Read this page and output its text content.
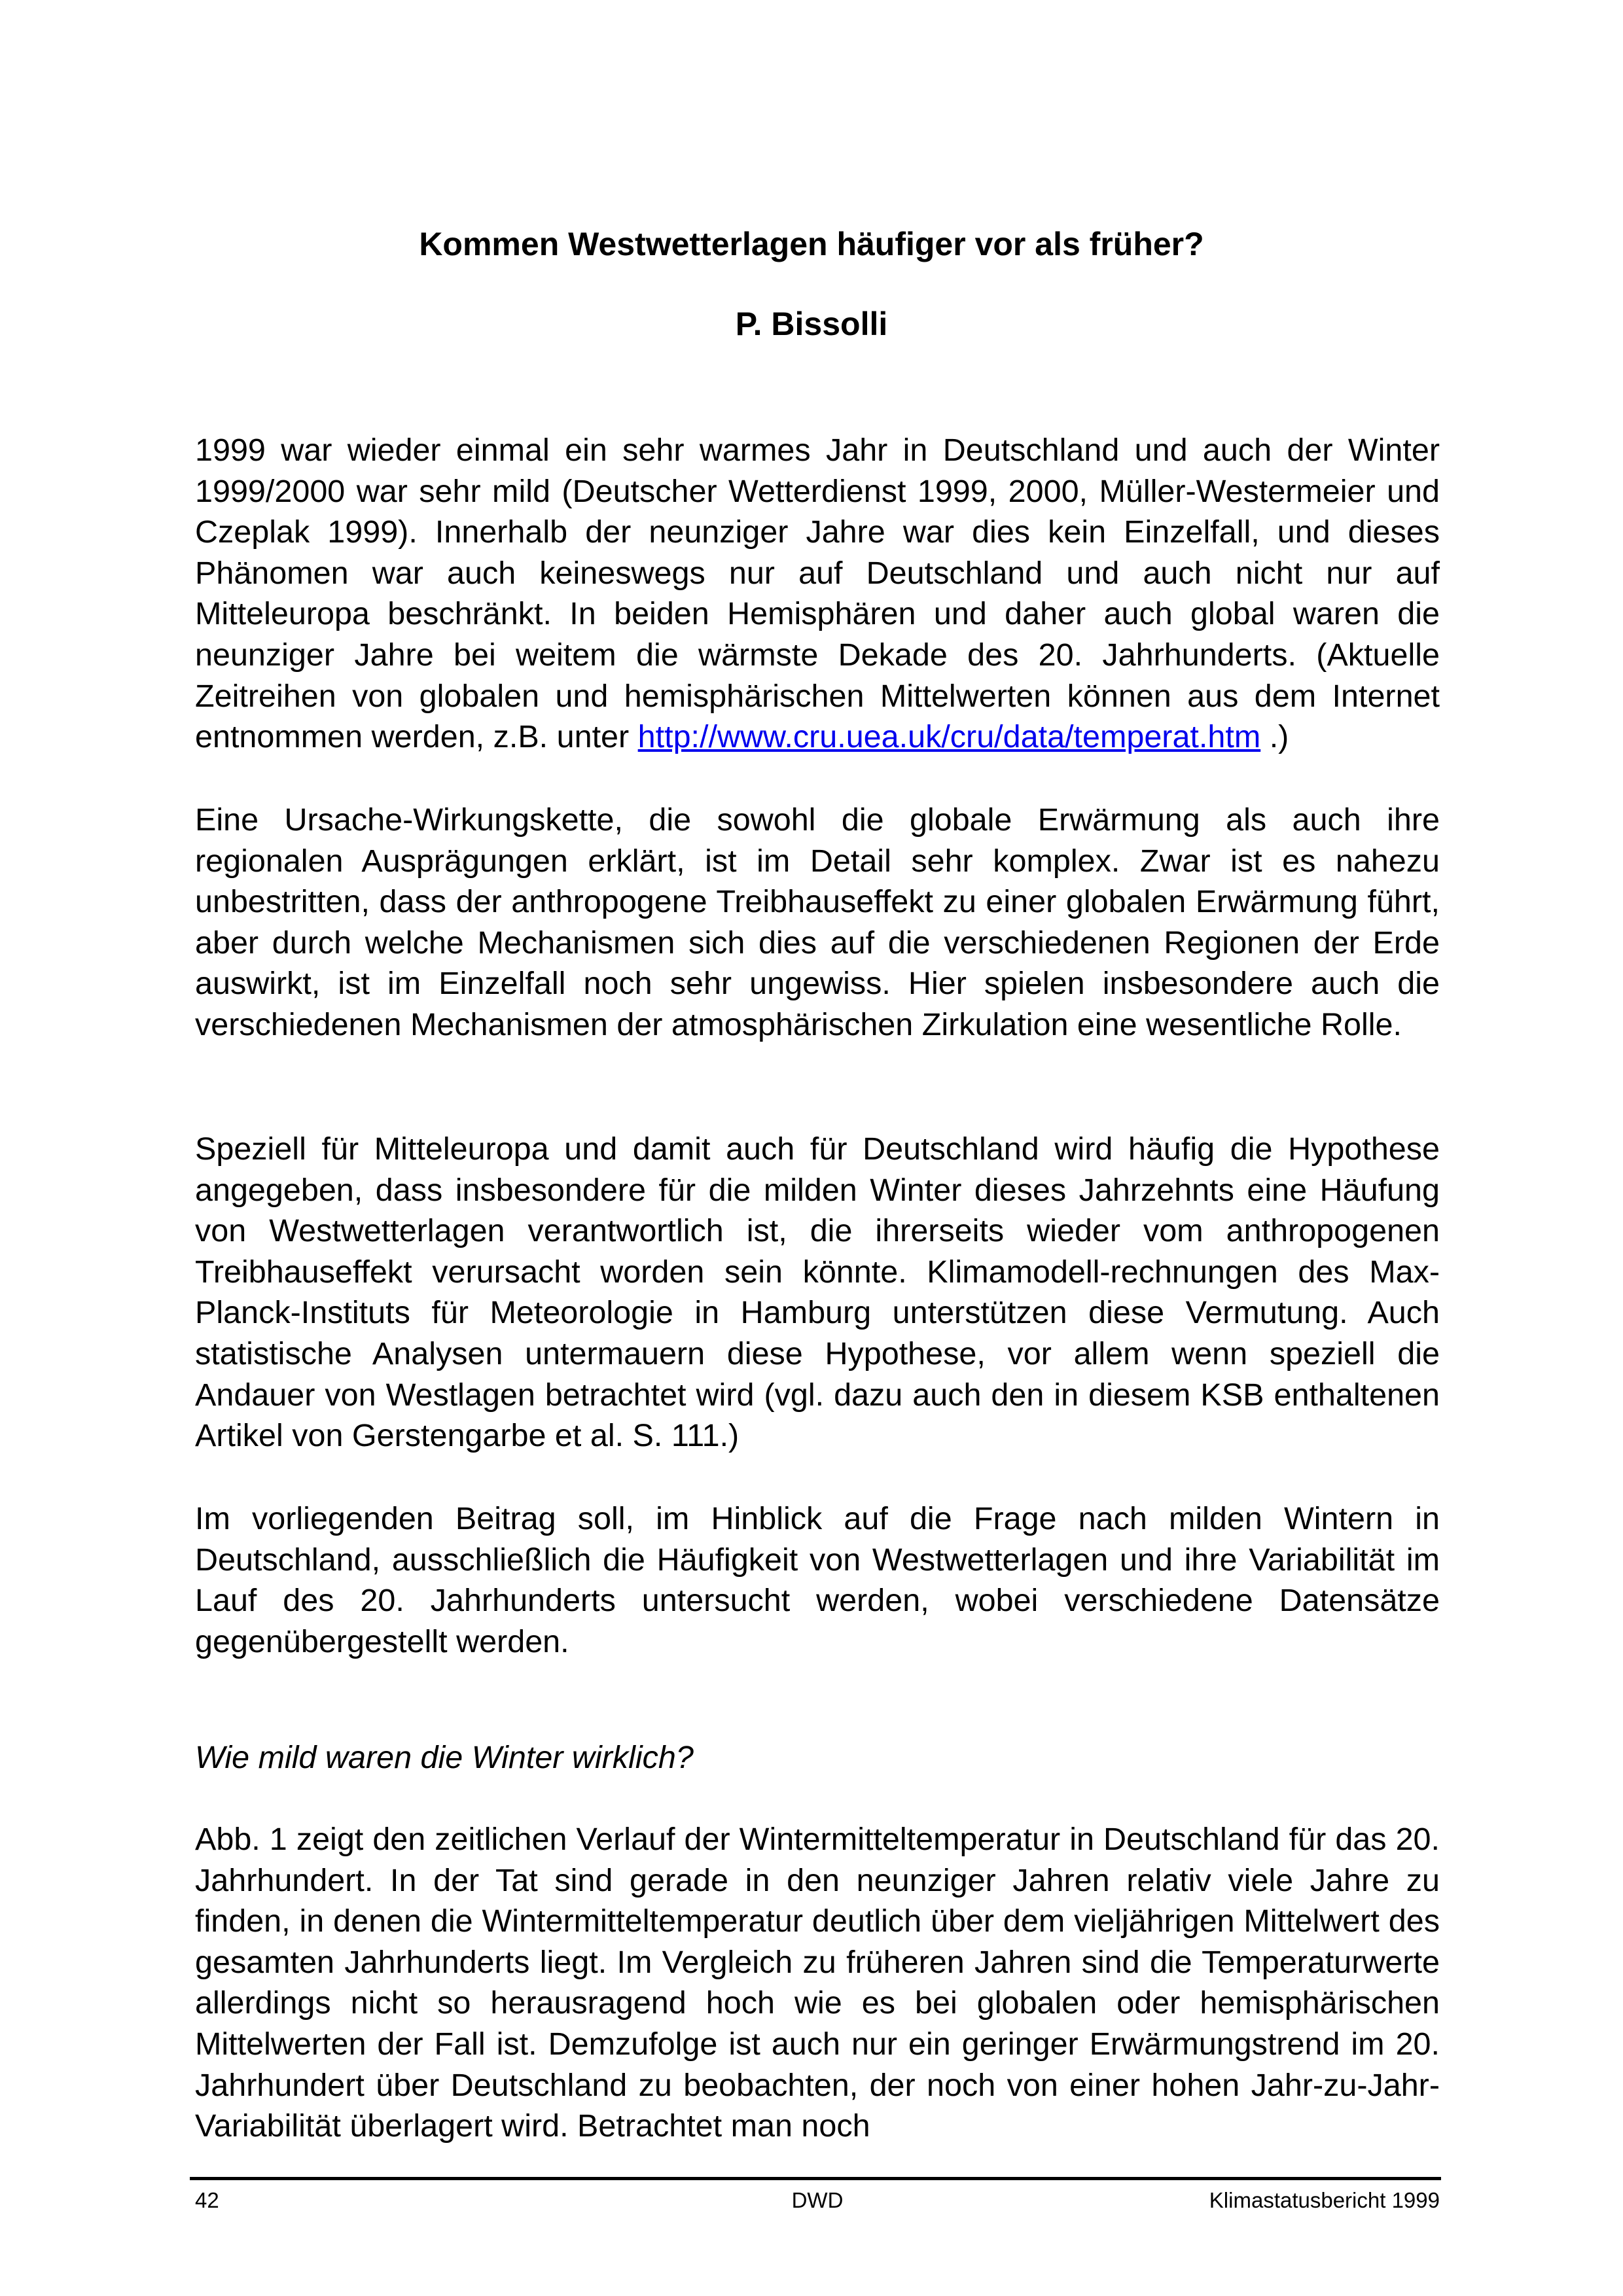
Kommen Westwetterlagen häufiger vor als früher?
P. Bissolli

1999 war wieder einmal ein sehr warmes Jahr in Deutschland und auch der Winter 1999/2000 war sehr mild (Deutscher Wetterdienst 1999, 2000, Müller-Westermeier und Czeplak 1999). Innerhalb der neunziger Jahre war dies kein Einzelfall, und dieses Phänomen war auch keineswegs nur auf Deutschland und auch nicht nur auf Mitteleuropa beschränkt. In beiden Hemisphären und daher auch global waren die neunziger Jahre bei weitem die wärmste Dekade des 20. Jahrhunderts. (Aktuelle Zeitreihen von globalen und hemisphärischen Mittelwerten können aus dem Internet entnommen werden, z.B. unter http://www.cru.uea.uk/cru/data/temperat.htm .)

Eine Ursache-Wirkungskette, die sowohl die globale Erwärmung als auch ihre regionalen Ausprägungen erklärt, ist im Detail sehr komplex. Zwar ist es nahezu unbestritten, dass der anthropogene Treibhauseffekt zu einer globalen Erwärmung führt, aber durch welche Mechanismen sich dies auf die verschiedenen Regionen der Erde auswirkt, ist im Einzelfall noch sehr ungewiss. Hier spielen insbesondere auch die verschiedenen Mechanismen der atmosphärischen Zirkulation eine wesentliche Rolle.

Speziell für Mitteleuropa und damit auch für Deutschland wird häufig die Hypothese angegeben, dass insbesondere für die milden Winter dieses Jahrzehnts eine Häufung von Westwetterlagen verantwortlich ist, die ihrerseits wieder vom anthropogenen Treibhauseffekt verursacht worden sein könnte. Klimamodell-rechnungen des Max-Planck-Instituts für Meteorologie in Hamburg unterstützen diese Vermutung. Auch statistische Analysen untermauern diese Hypothese, vor allem wenn speziell die Andauer von Westlagen betrachtet wird (vgl. dazu auch den in diesem KSB enthaltenen Artikel von Gerstengarbe et al. S. 111.)

Im vorliegenden Beitrag soll, im Hinblick auf die Frage nach milden Wintern in Deutschland, ausschließlich die Häufigkeit von Westwetterlagen und ihre Variabilität im Lauf des 20. Jahrhunderts untersucht werden, wobei verschiedene Datensätze gegenübergestellt werden.

Wie mild waren die Winter wirklich?

Abb. 1 zeigt den zeitlichen Verlauf der Wintermitteltemperatur in Deutschland für das 20. Jahrhundert. In der Tat sind gerade in den neunziger Jahren relativ viele Jahre zu finden, in denen die Wintermitteltemperatur deutlich über dem vieljährigen Mittelwert des gesamten Jahrhunderts liegt. Im Vergleich zu früheren Jahren sind die Temperaturwerte allerdings nicht so herausragend hoch wie es bei globalen oder hemisphärischen Mittelwerten der Fall ist. Demzufolge ist auch nur ein geringer Erwärmungstrend im 20. Jahrhundert über Deutschland zu beobachten, der noch von einer hohen Jahr-zu-Jahr-Variabilität überlagert wird. Betrachtet man noch

42	DWD	Klimastatusbericht 1999
